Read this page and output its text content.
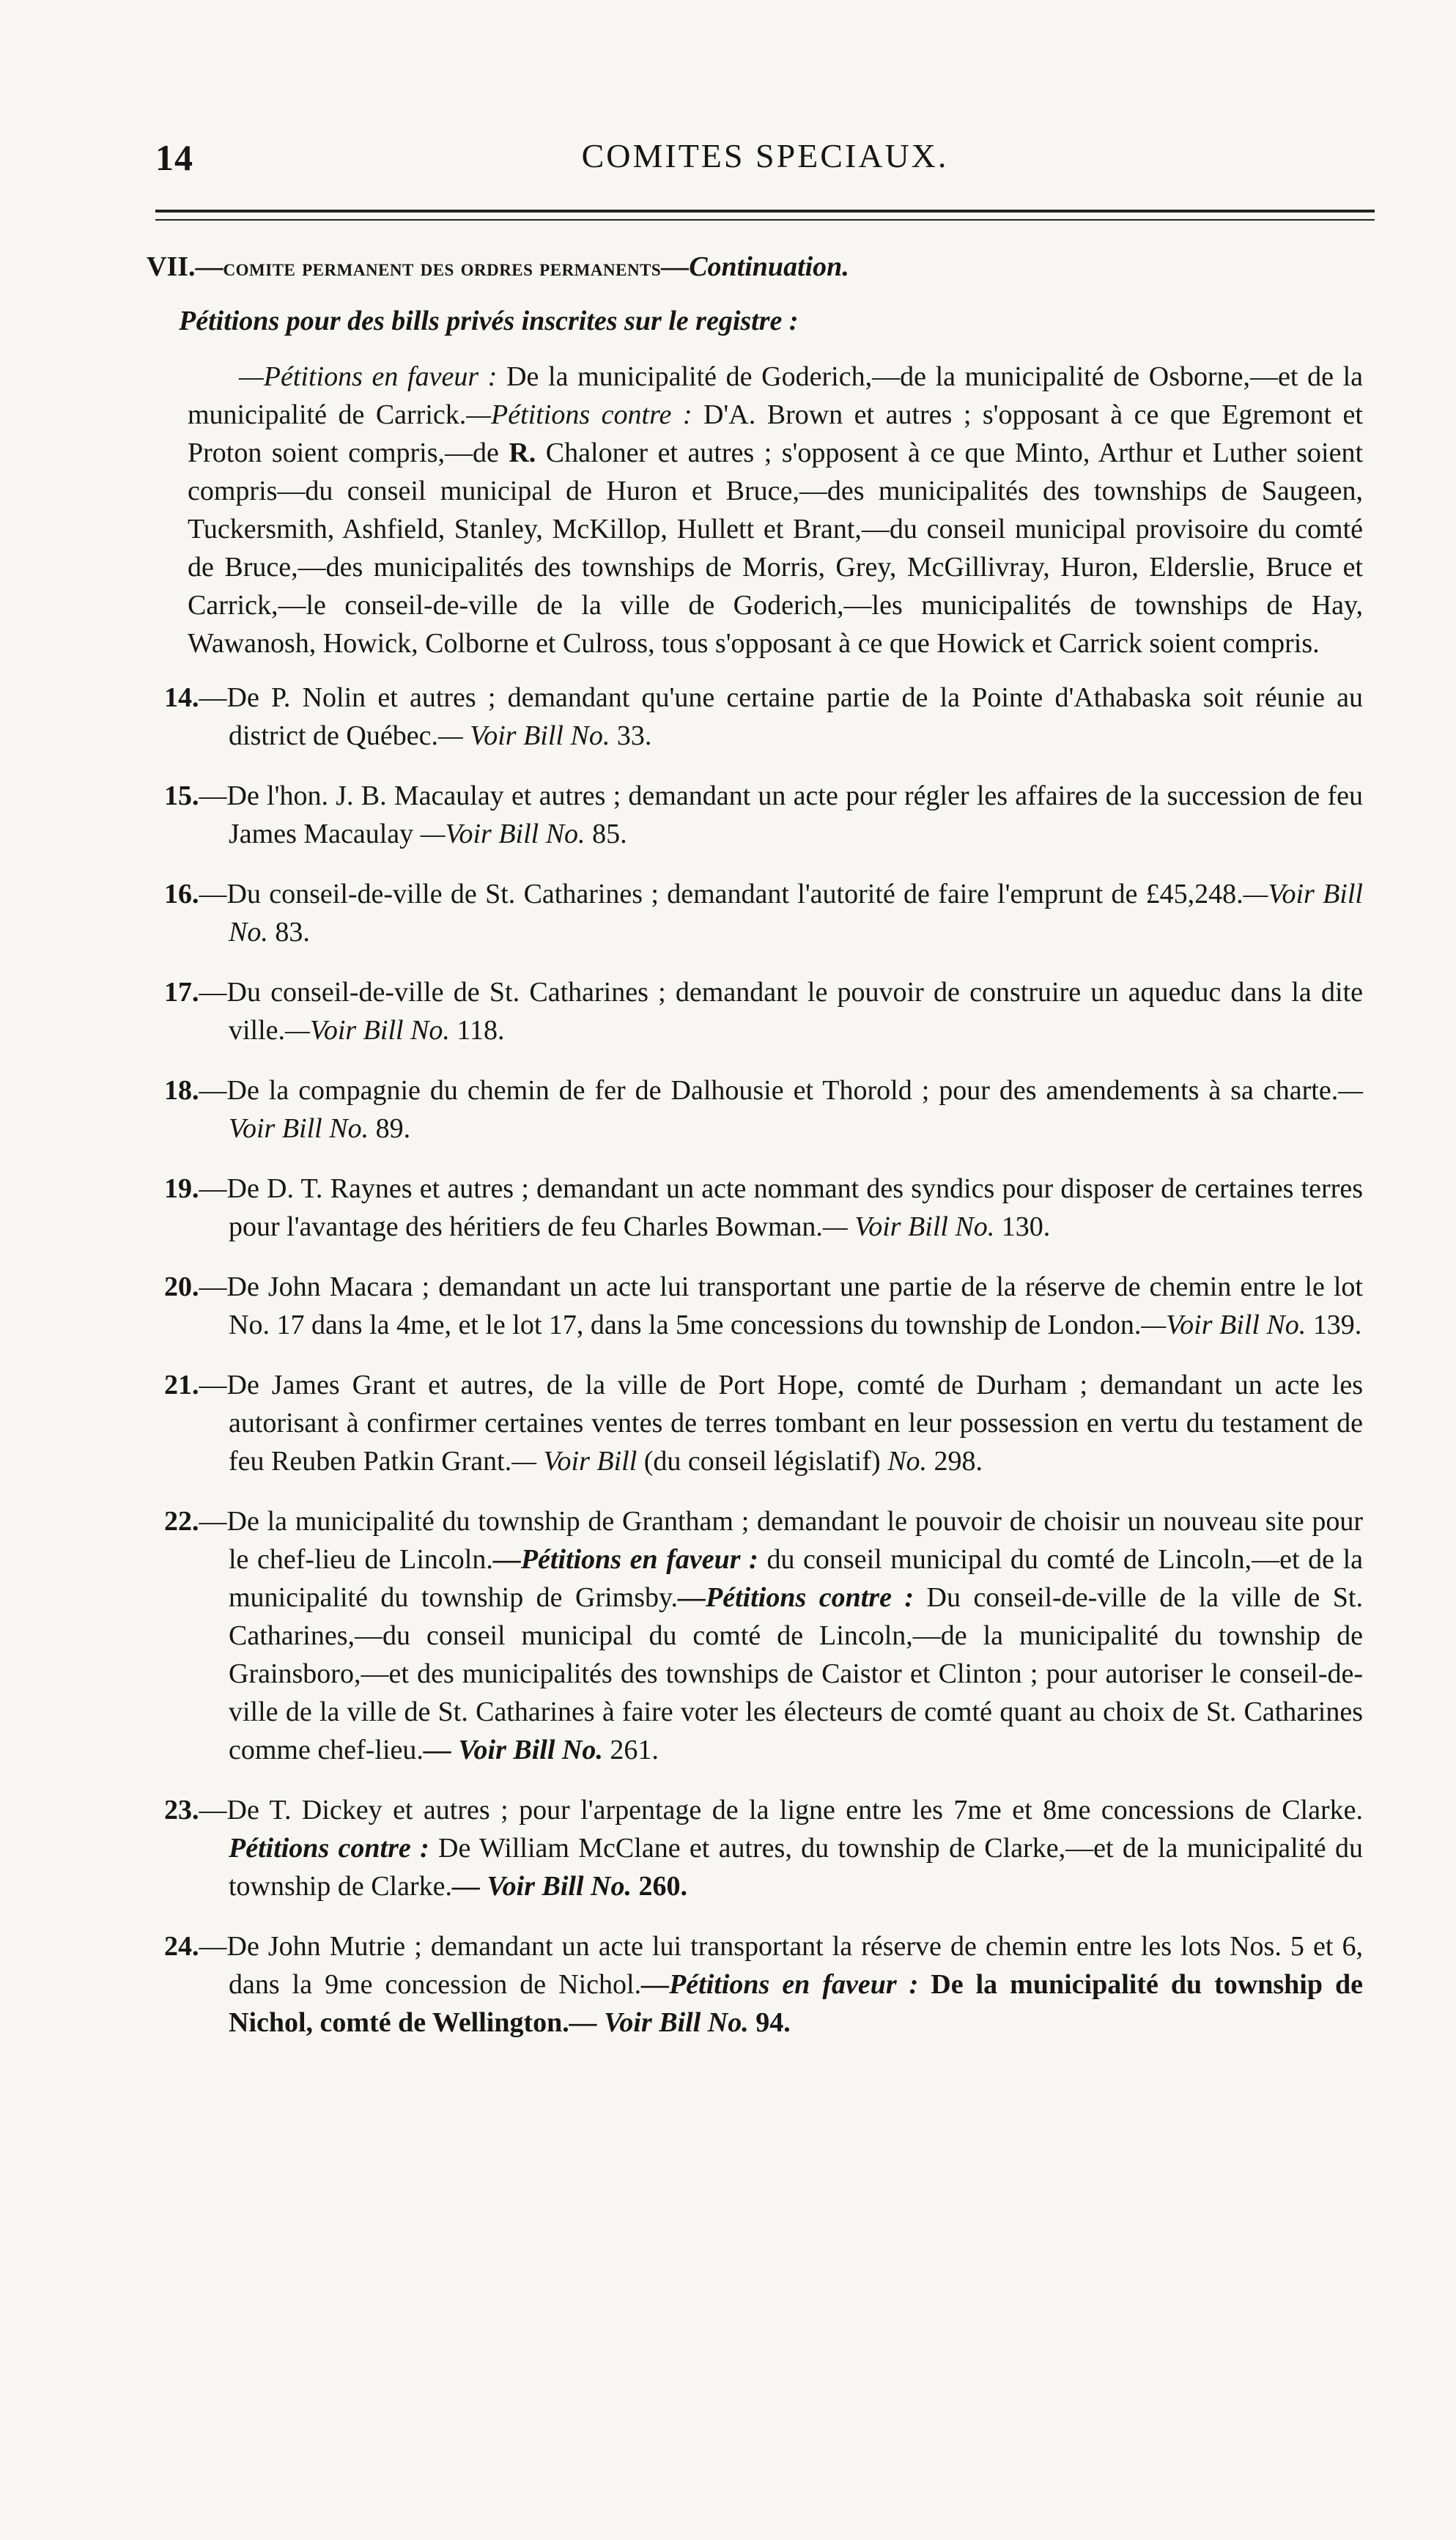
14	COMITES SPECIAUX.
VII.—comite permanent des ordres permanents—Continuation.
Pétitions pour des bills privés inscrites sur le registre :

—Pétitions en faveur : De la municipalité de Goderich,—de la municipalité de Osborne,—et de la municipalité de Carrick.—Pétitions contre : D'A. Brown et autres ; s'opposant à ce que Egremont et Proton soient compris,—de R. Chaloner et autres ; s'opposent à ce que Minto, Arthur et Luther soient compris—du conseil municipal de Huron et Bruce,—des municipalités des townships de Saugeen, Tuckersmith, Ashfield, Stanley, McKillop, Hullett et Brant,—du conseil municipal provisoire du comté de Bruce,—des municipalités des townships de Morris, Grey, McGillivray, Huron, Elderslie, Bruce et Carrick,—le conseil-de-ville de la ville de Goderich,—les municipalités de townships de Hay, Wawanosh, Howick, Colborne et Culross, tous s'opposant à ce que Howick et Carrick soient compris.

14.—De P. Nolin et autres ; demandant qu'une certaine partie de la Pointe d'Athabaska soit réunie au district de Québec.— Voir Bill No. 33.

15.—De l'hon. J. B. Macaulay et autres ; demandant un acte pour régler les affaires de la succession de feu James Macaulay —Voir Bill No. 85.

16.—Du conseil-de-ville de St. Catharines ; demandant l'autorité de faire l'emprunt de £45,248.—Voir Bill No. 83.

17.—Du conseil-de-ville de St. Catharines ; demandant le pouvoir de construire un aqueduc dans la dite ville.—Voir Bill No. 118.

18.—De la compagnie du chemin de fer de Dalhousie et Thorold ; pour des amendements à sa charte.— Voir Bill No. 89.

19.—De D. T. Raynes et autres ; demandant un acte nommant des syndics pour disposer de certaines terres pour l'avantage des héritiers de feu Charles Bowman.— Voir Bill No. 130.

20.—De John Macara ; demandant un acte lui transportant une partie de la réserve de chemin entre le lot No. 17 dans la 4me, et le lot 17, dans la 5me concessions du township de London.—Voir Bill No. 139.

21.—De James Grant et autres, de la ville de Port Hope, comté de Durham ; demandant un acte les autorisant à confirmer certaines ventes de terres tombant en leur possession en vertu du testament de feu Reuben Patkin Grant.— Voir Bill (du conseil législatif) No. 298.

22.—De la municipalité du township de Grantham ; demandant le pouvoir de choisir un nouveau site pour le chef-lieu de Lincoln.—Pétitions en faveur : du conseil municipal du comté de Lincoln,—et de la municipalité du township de Grimsby.—Pétitions contre : Du conseil-de-ville de la ville de St. Catharines,—du conseil municipal du comté de Lincoln,—de la municipalité du township de Grainsboro,—et des municipalités des townships de Caistor et Clinton ; pour autoriser le conseil-de-ville de la ville de St. Catharines à faire voter les électeurs de comté quant au choix de St. Catharines comme chef-lieu.— Voir Bill No. 261.

23.—De T. Dickey et autres ; pour l'arpentage de la ligne entre les 7me et 8me concessions de Clarke. Pétitions contre : De William McClane et autres, du township de Clarke,—et de la municipalité du township de Clarke.— Voir Bill No. 260.

24.—De John Mutrie ; demandant un acte lui transportant la réserve de chemin entre les lots Nos. 5 et 6, dans la 9me concession de Nichol.—Pétitions en faveur : De la municipalité du township de Nichol, comté de Wellington.— Voir Bill No. 94.
